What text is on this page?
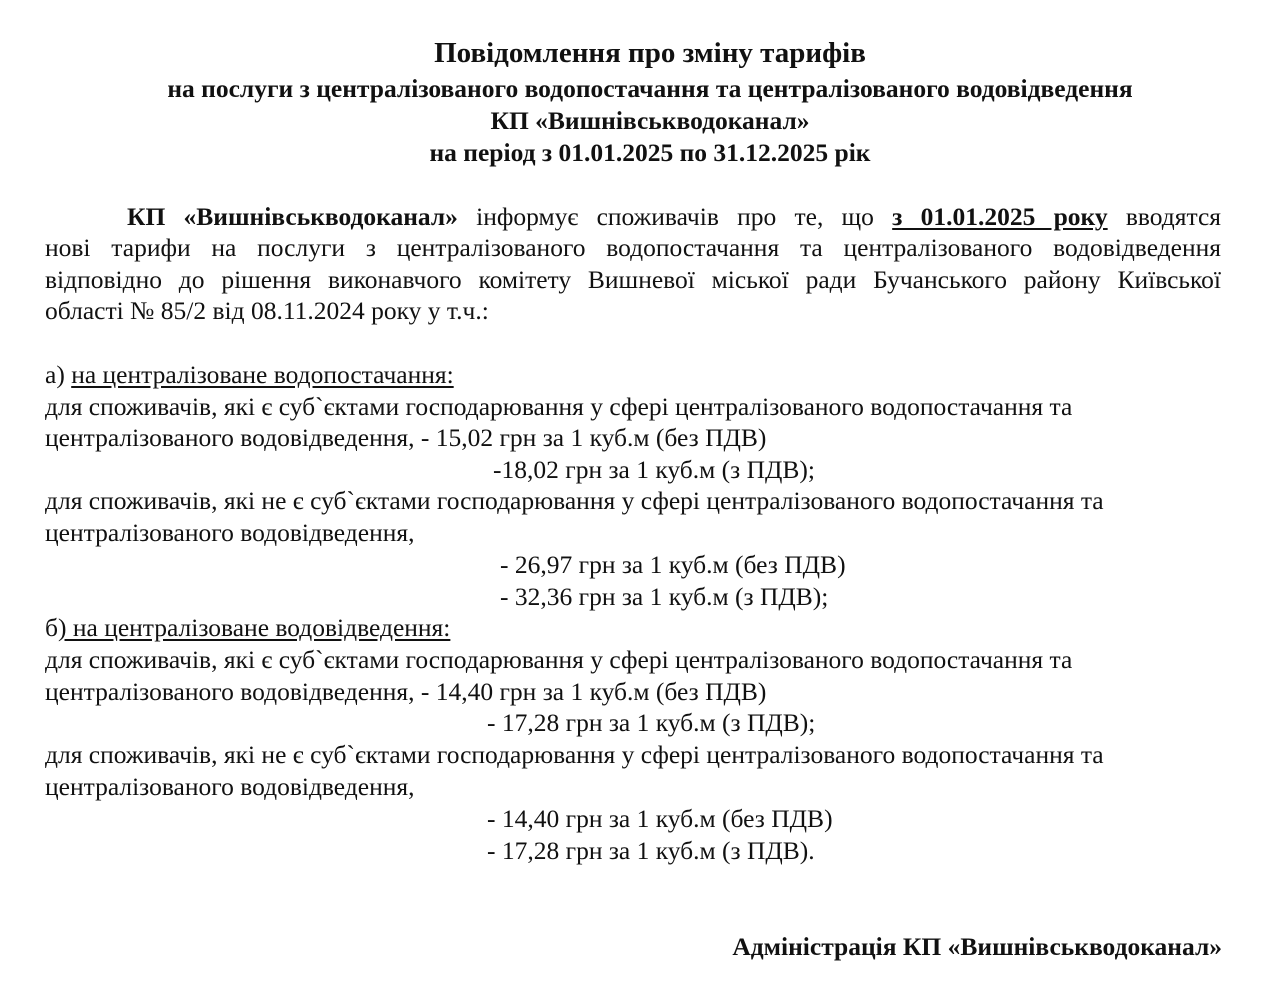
Повідомлення про зміну тарифів
на послуги з централізованого водопостачання та централізованого водовідведення
КП «Вишнівськводоканал»
на період з 01.01.2025 по 31.12.2025 рік
КП «Вишнівськводоканал» інформує споживачів про те, що з 01.01.2025 року вводятся
нові тарифи на послуги з централізованого водопостачання та централізованого водовідведення
відповідно до рішення виконавчого комітету Вишневої міської ради Бучанського району Київської
області № 85/2 від 08.11.2024 року у т.ч.:
а) на централізоване водопостачання:
для споживачів, які є суб`єктами господарювання у сфері централізованого водопостачання та
централізованого водовідведення, - 15,02 грн за 1 куб.м (без ПДВ)
-18,02 грн за 1 куб.м (з ПДВ);
для споживачів, які не є суб`єктами господарювання у сфері централізованого водопостачання та
централізованого водовідведення,
- 26,97 грн за 1 куб.м (без ПДВ)
- 32,36 грн за 1 куб.м (з ПДВ);
б) на централізоване водовідведення:
для споживачів, які є суб`єктами господарювання у сфері централізованого водопостачання та
централізованого водовідведення, - 14,40 грн за 1 куб.м (без ПДВ)
- 17,28 грн за 1 куб.м (з ПДВ);
для споживачів, які не є суб`єктами господарювання у сфері централізованого водопостачання та
централізованого водовідведення,
- 14,40 грн за 1 куб.м (без ПДВ)
- 17,28 грн за 1 куб.м (з ПДВ).
Адміністрація КП «Вишнівськводоканал»
